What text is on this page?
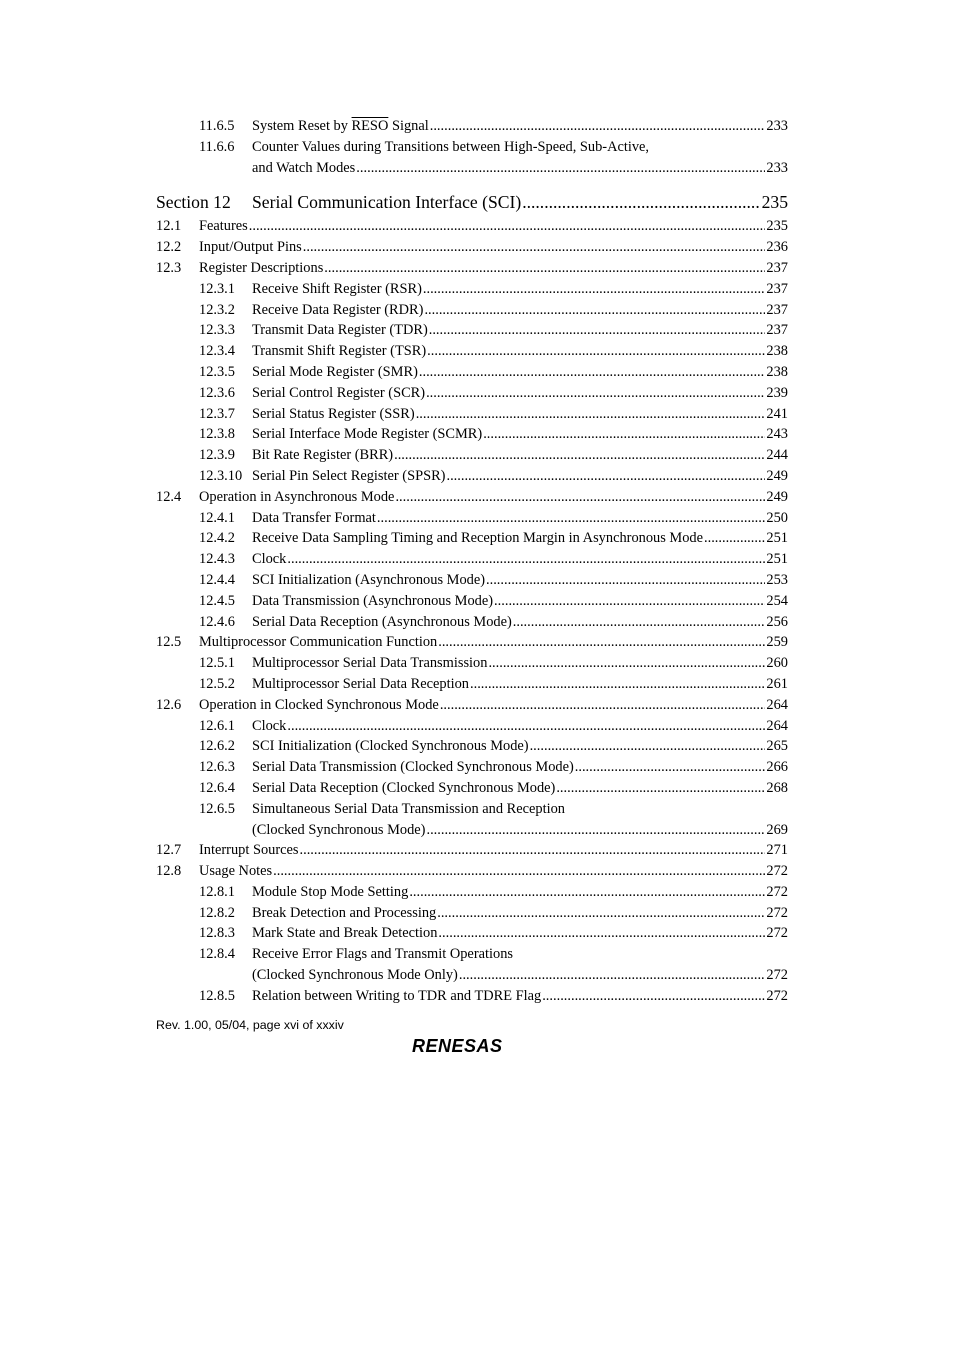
11.6.5	System Reset by RESO Signal .....	233
11.6.6	Counter Values during Transitions between High-Speed, Sub-Active,
and Watch Modes .....	233
Section 12	Serial Communication Interface (SCI) .....	235
12.1	Features .....	235
12.2	Input/Output Pins .....	236
12.3	Register Descriptions .....	237
12.3.1	Receive Shift Register (RSR) .....	237
12.3.2	Receive Data Register (RDR) .....	237
12.3.3	Transmit Data Register (TDR) .....	237
12.3.4	Transmit Shift Register (TSR) .....	238
12.3.5	Serial Mode Register (SMR) .....	238
12.3.6	Serial Control Register (SCR) .....	239
12.3.7	Serial Status Register (SSR) .....	241
12.3.8	Serial Interface Mode Register (SCMR) .....	243
12.3.9	Bit Rate Register (BRR) .....	244
12.3.10 Serial Pin Select Register (SPSR) .....	249
12.4	Operation in Asynchronous Mode .....	249
12.4.1	Data Transfer Format .....	250
12.4.2	Receive Data Sampling Timing and Reception Margin in Asynchronous Mode .....	251
12.4.3	Clock .....	251
12.4.4	SCI Initialization (Asynchronous Mode) .....	253
12.4.5	Data Transmission (Asynchronous Mode) .....	254
12.4.6	Serial Data Reception (Asynchronous Mode) .....	256
12.5	Multiprocessor Communication Function .....	259
12.5.1	Multiprocessor Serial Data Transmission .....	260
12.5.2	Multiprocessor Serial Data Reception .....	261
12.6	Operation in Clocked Synchronous Mode .....	264
12.6.1	Clock .....	264
12.6.2	SCI Initialization (Clocked Synchronous Mode) .....	265
12.6.3	Serial Data Transmission (Clocked Synchronous Mode) .....	266
12.6.4	Serial Data Reception (Clocked Synchronous Mode) .....	268
12.6.5	Simultaneous Serial Data Transmission and Reception
(Clocked Synchronous Mode) .....	269
12.7	Interrupt Sources .....	271
12.8	Usage Notes .....	272
12.8.1	Module Stop Mode Setting .....	272
12.8.2	Break Detection and Processing .....	272
12.8.3	Mark State and Break Detection .....	272
12.8.4	Receive Error Flags and Transmit Operations
(Clocked Synchronous Mode Only) .....	272
12.8.5	Relation between Writing to TDR and TDRE Flag .....	272
Rev. 1.00, 05/04, page xvi of xxxiv
RENESAS
